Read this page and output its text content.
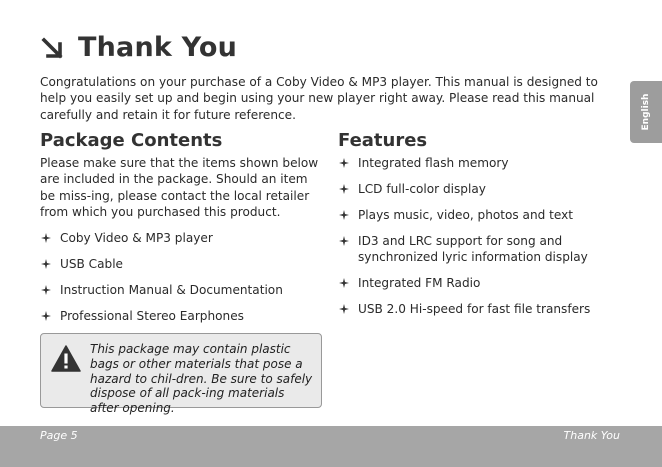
Thank You

Congratulations on your purchase of a Coby Video & MP3 player. This manual is designed to help you easily set up and begin using your new player right away. Please read this manual carefully and retain it for future reference.	English
Package Contents

Please make sure that the items shown below are included in the package. Should an item be miss-ing, please contact the local retailer from which you purchased this product.

Coby Video & MP3 player
USB Cable
Instruction Manual & Documentation
Professional Stereo Earphones

This package may contain plastic bags or other materials that pose a hazard to chil-dren. Be sure to safely dispose of all pack-ing materials after opening.

Features
Integrated flash memory
LCD full-color display
Plays music, video, photos and text
ID3 and LRC support for song and synchronized lyric information display
Integrated FM Radio
USB 2.0 Hi-speed for fast file transfers
Page 5	Thank You
